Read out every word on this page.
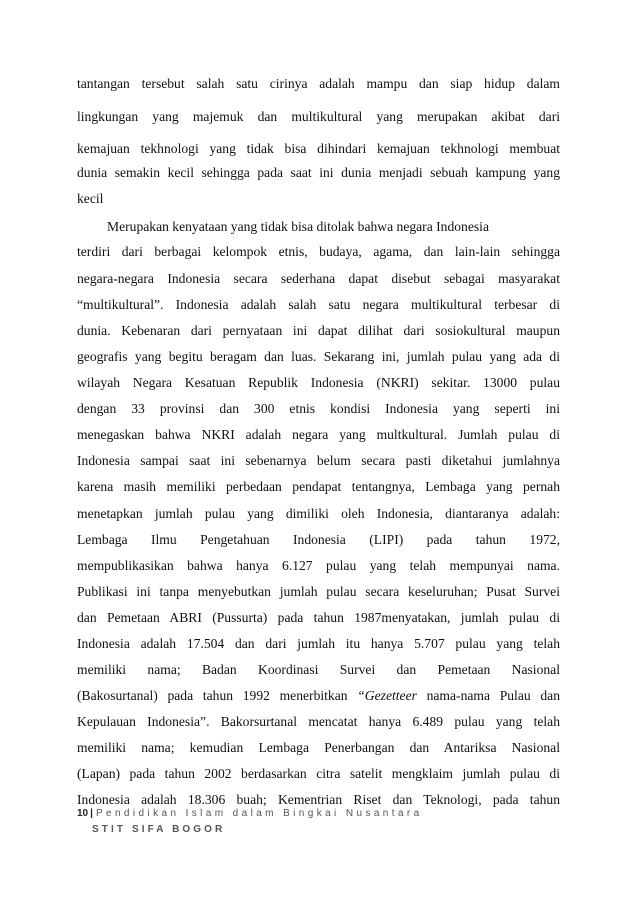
tantangan tersebut salah satu cirinya adalah mampu dan siap hidup dalam
lingkungan yang majemuk dan multikultural yang merupakan akibat dari
kemajuan tekhnologi yang tidak bisa dihindari kemajuan tekhnologi membuat
dunia semakin kecil sehingga pada saat ini dunia menjadi sebuah kampung yang
kecil
Merupakan kenyataan yang tidak bisa ditolak bahwa negara Indonesia
terdiri dari berbagai kelompok etnis, budaya, agama, dan lain-lain sehingga
negara-negara Indonesia secara sederhana dapat disebut sebagai masyarakat
“multikultural”. Indonesia adalah salah satu negara multikultural terbesar di
dunia. Kebenaran dari pernyataan ini dapat dilihat dari sosiokultural maupun
geografis yang begitu beragam dan luas. Sekarang ini, jumlah pulau yang ada di
wilayah Negara Kesatuan Republik Indonesia (NKRI) sekitar. 13000 pulau
dengan 33 provinsi dan 300 etnis kondisi Indonesia yang seperti ini
menegaskan bahwa NKRI adalah negara yang multkultural. Jumlah pulau di
Indonesia sampai saat ini sebenarnya belum secara pasti diketahui jumlahnya
karena masih memiliki perbedaan pendapat tentangnya, Lembaga yang pernah
menetapkan jumlah pulau yang dimiliki oleh Indonesia, diantaranya adalah:
Lembaga Ilmu Pengetahuan Indonesia (LIPI) pada tahun 1972,
mempublikasikan bahwa hanya 6.127 pulau yang telah mempunyai nama.
Publikasi ini tanpa menyebutkan jumlah pulau secara keseluruhan; Pusat Survei
dan Pemetaan ABRI (Pussurta) pada tahun 1987menyatakan, jumlah pulau di
Indonesia adalah 17.504 dan dari jumlah itu hanya 5.707 pulau yang telah
memiliki nama; Badan Koordinasi Survei dan Pemetaan Nasional
(Bakosurtanal) pada tahun 1992 menerbitkan “Gezetteer nama-nama Pulau dan
Kepulauan Indonesia”. Bakorsurtanal mencatat hanya 6.489 pulau yang telah
memiliki nama; kemudian Lembaga Penerbangan dan Antariksa Nasional
(Lapan) pada tahun 2002 berdasarkan citra satelit mengklaim jumlah pulau di
Indonesia adalah 18.306 buah; Kementrian Riset dan Teknologi, pada tahun
10 | Pendidikan Islam dalam Bingkai Nusantara
STIT SIFA BOGOR
